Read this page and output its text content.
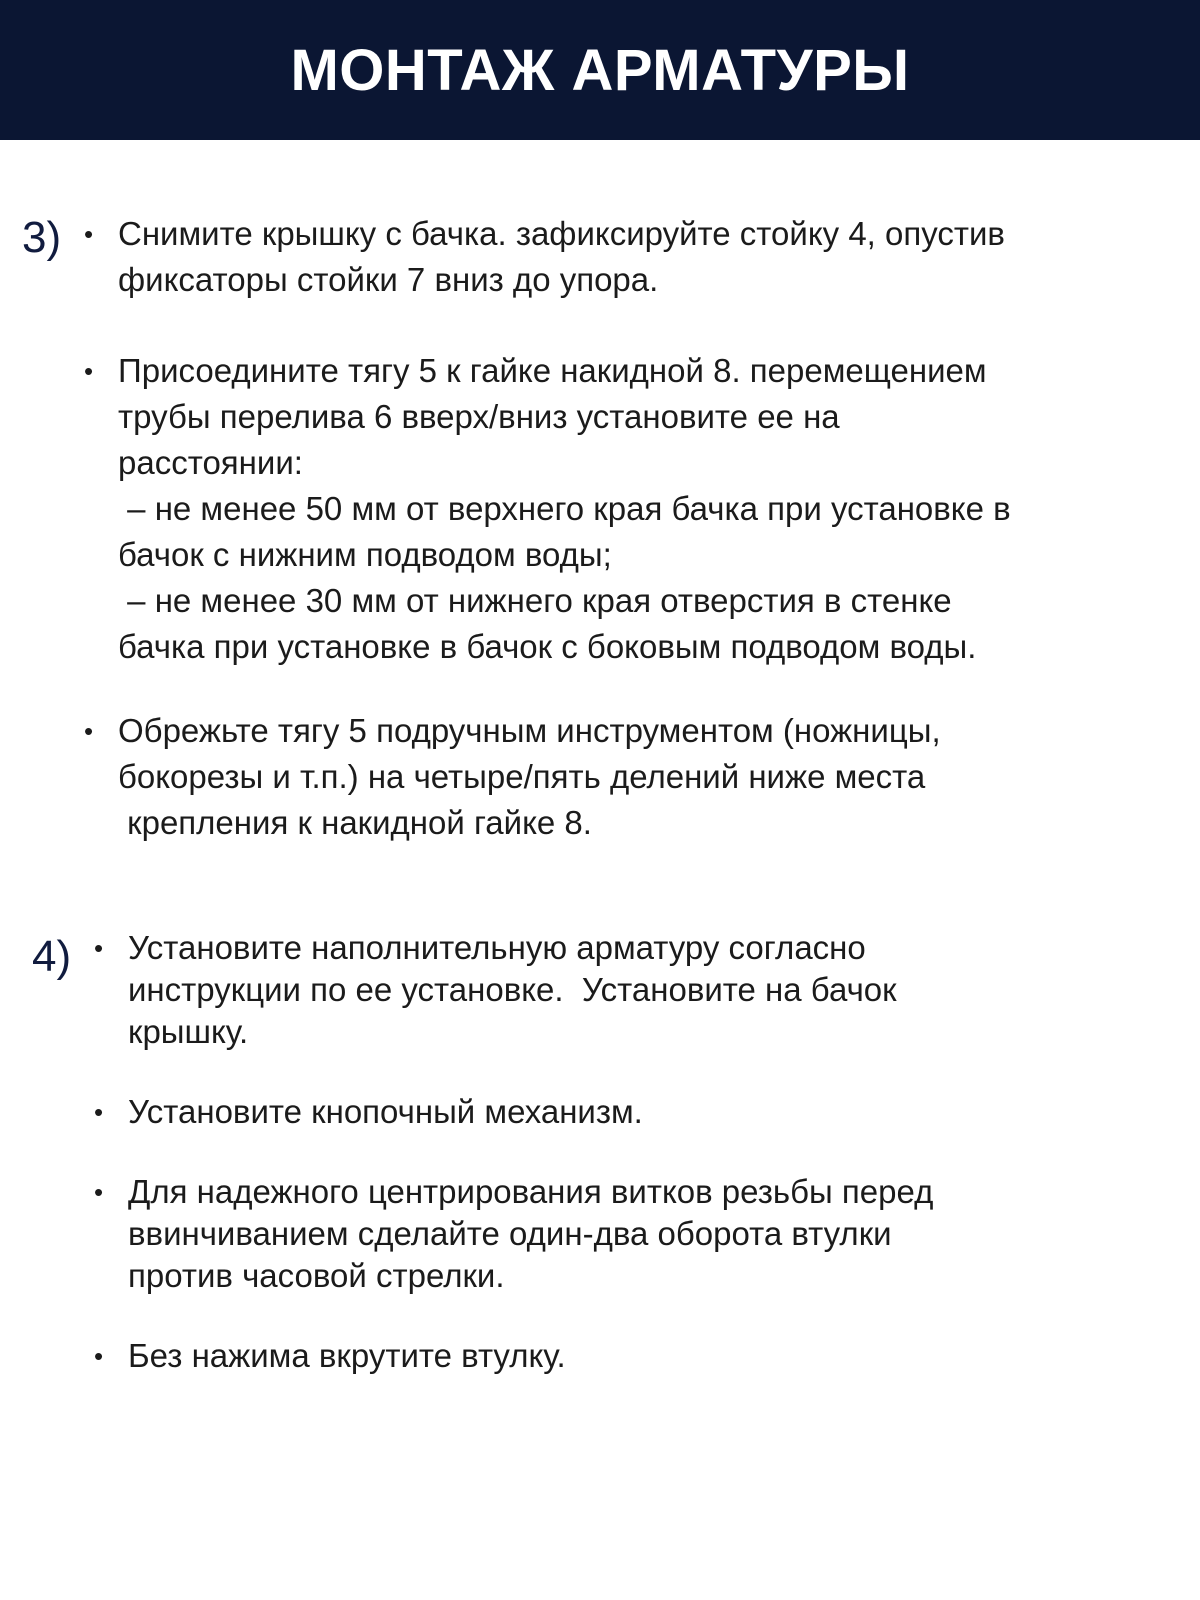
МОНТАЖ АРМАТУРЫ
3) • Снимите крышку с бачка. зафиксируйте стойку 4, опустив
фиксаторы стойки 7 вниз до упора.
• Присоедините тягу 5 к гайке накидной 8. перемещением
трубы перелива 6 вверх/вниз установите ее на
расстоянии:
– не менее 50 мм от верхнего края бачка при установке в
бачок с нижним подводом воды;
– не менее 30 мм от нижнего края отверстия в стенке
бачка при установке в бачок с боковым подводом воды.
• Обрежьте тягу 5 подручным инструментом (ножницы,
бокорезы и т.п.) на четыре/пять делений ниже места
крепления к накидной гайке 8.
4) • Установите наполнительную арматуру согласно
инструкции по ее установке.  Установите на бачок
крышку.
• Установите кнопочный механизм.
• Для надежного центрирования витков резьбы перед
ввинчиванием сделайте один-два оборота втулки
против часовой стрелки.
• Без нажима вкрутите втулку.
